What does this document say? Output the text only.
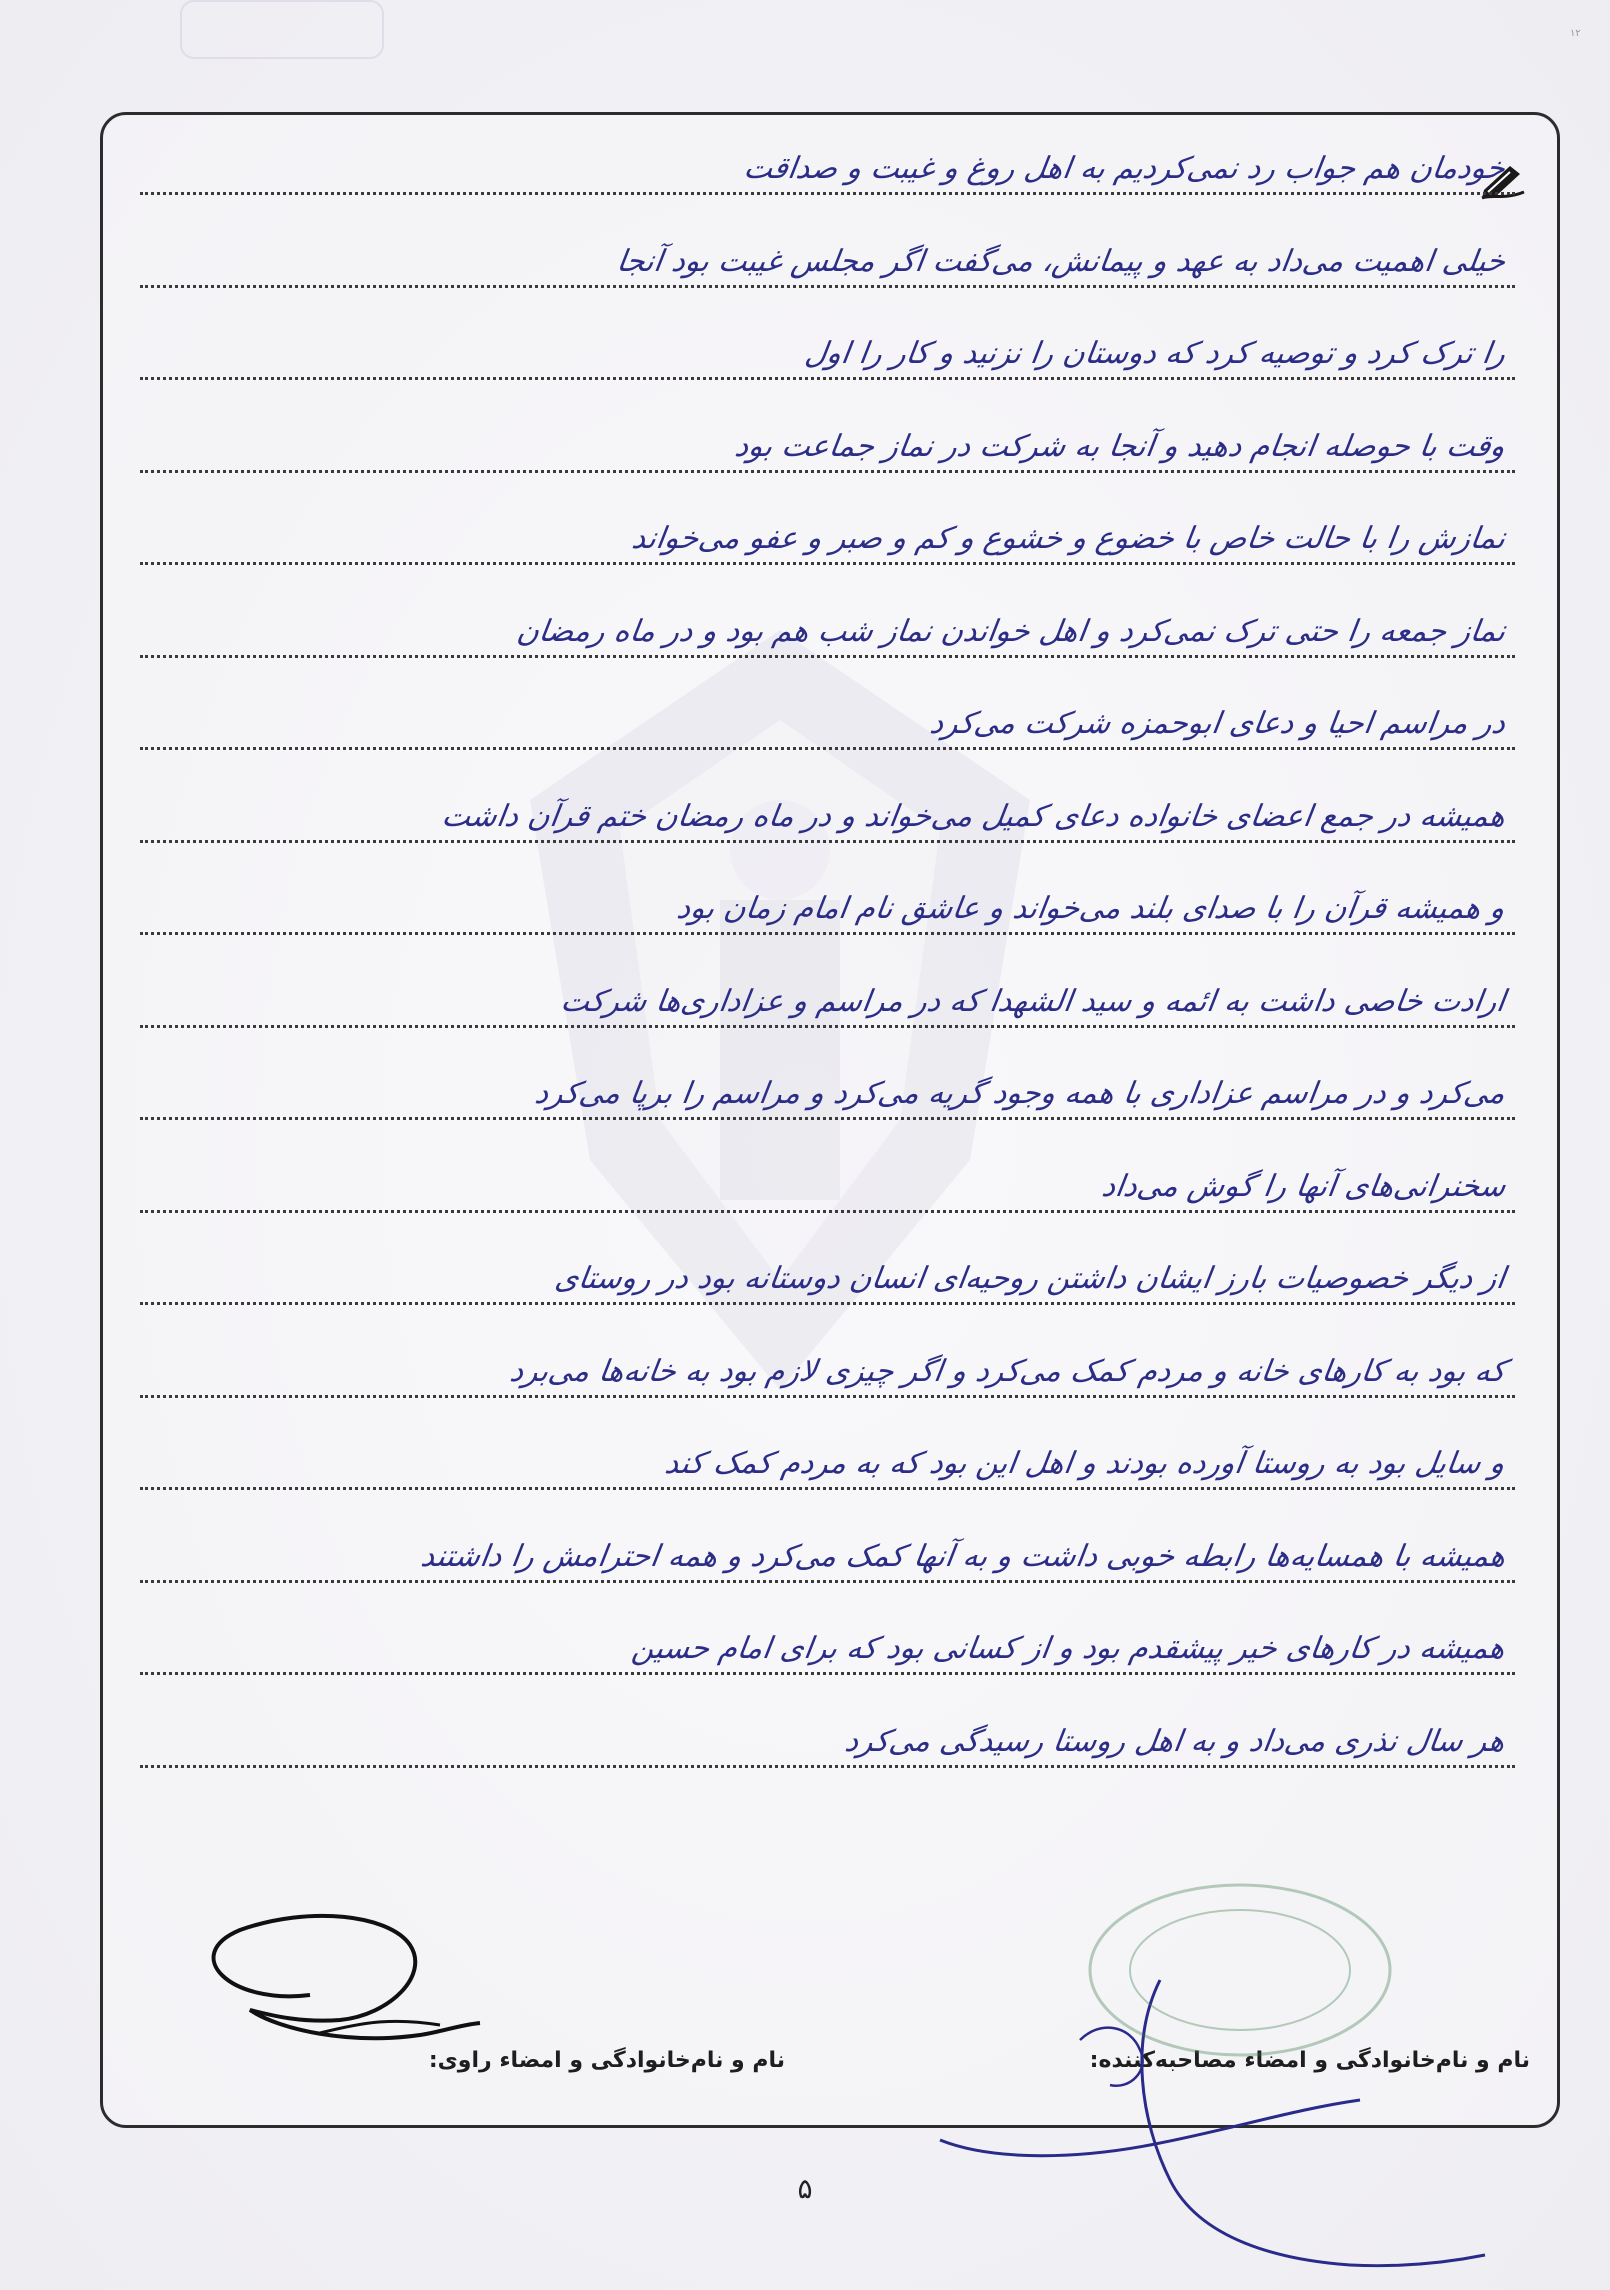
۱۲
خودمان هم جواب رد نمی‌کردیم به اهل روغ و غیبت و صداقت
خیلی اهمیت می‌داد به عهد و پیمانش، می‌گفت اگر مجلس غیبت بود آنجا
را ترک کرد و توصیه کرد که دوستان را نزنید و کار را اول
وقت با حوصله انجام دهید و آنجا به شرکت در نماز جماعت بود
نمازش را با حالت خاص با خضوع و خشوع و کم و صبر و عفو می‌خواند
نماز جمعه را حتی ترک نمی‌کرد و اهل خواندن نماز شب هم بود و در ماه رمضان
در مراسم احیا و دعای ابوحمزه شرکت می‌کرد
همیشه در جمع اعضای خانواده دعای کمیل می‌خواند و در ماه رمضان ختم قرآن داشت
و همیشه قرآن را با صدای بلند می‌خواند و عاشق نام امام زمان بود
ارادت خاصی داشت به ائمه و سید الشهدا که در مراسم و عزاداری‌ها شرکت
می‌کرد و در مراسم عزاداری با همه وجود گریه می‌کرد و مراسم را برپا می‌کرد
سخنرانی‌های آنها را گوش می‌داد
از دیگر خصوصیات بارز ایشان داشتن روحیه‌ای انسان دوستانه بود در روستای
که بود به کارهای خانه و مردم کمک می‌کرد و اگر چیزی لازم بود به خانه‌ها می‌برد
و سایل بود به روستا آورده بودند و اهل این بود که به مردم کمک کند
همیشه با همسایه‌ها رابطه خوبی داشت و به آنها کمک می‌کرد و همه احترامش را داشتند
همیشه در کارهای خیر پیشقدم بود و از کسانی بود که برای امام حسین
هر سال نذری می‌داد و به اهل روستا رسیدگی می‌کرد
نام و نام‌خانوادگی و امضاء مصاحبه‌کننده:
نام و نام‌خانوادگی و امضاء راوی:
۵
